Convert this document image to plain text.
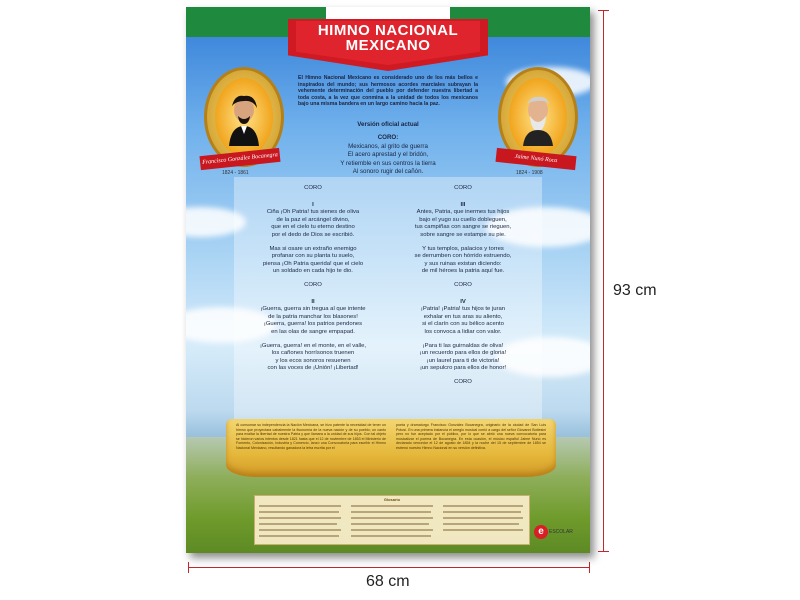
HIMNO NACIONAL
MEXICANO
Francisco González Bocanegra
1824 - 1861
Jaime Nunó Roca
1824 - 1908
El Himno Nacional Mexicano es considerado uno de los más bellos e inspirados del mundo; sus hermosos acordes marciales subrayan la vehemente determinación del pueblo por defender nuestra libertad a toda costa, a la vez que conmina a la unidad de todos los mexicanos bajo una misma bandera en un largo camino hacia la paz.
Versión oficial actual
CORO:
Mexicanos, al grito de guerra
El acero aprestad y el bridón,
Y retiemble en sus centros la tierra
Al sonoro rugir del cañón.
CORO
I

Ciña ¡Oh Patria! tus sienes de oliva
de la paz el arcángel divino,
que en el cielo tu eterno destino
por el dedo de Dios se escribió.

Mas si osare un extraño enemigo
profanar con su planta tu suelo,
piensa ¡Oh Patria querida! que el cielo
un soldado en cada hijo te dio.

CORO
II

¡Guerra, guerra sin tregua al que intente
de la patria manchar los blasones!
¡Guerra, guerra! los patrios pendones
en las olas de sangre empapad.

¡Guerra, guerra! en el monte, en el valle,
los cañones horrísonos truenen
y los ecos sonoros resuenen
con las voces de ¡Unión! ¡Libertad!

CORO
III

Antes, Patria, que inermes tus hijos
bajo el yugo su cuello dobleguen,
tus campiñas con sangre se rieguen,
sobre sangre se estampe su pie.

Y tus templos, palacios y torres
se derrumben con hórrido estruendo,
y sus ruinas existan diciendo:
de mil héroes la patria aquí fue.

CORO
IV

¡Patria! ¡Patria! tus hijos te juran
exhalar en tus aras su aliento,
si el clarín con su bélico acento
los convoca a lidiar con valor.

¡Para ti las guirnaldas de oliva!
¡un recuerdo para ellos de gloria!
¡un laurel para ti de victoria!
¡un sepulcro para ellos de honor!

CORO
Al consumar su independencia la Nación Mexicana, se hizo patente la necesidad de tener un himno que proyectara cabalmente la fisonomía de la nueva nación y de su pueblo; un canto para exaltar la libertad de nuestra Patria y que llamara a la unidad de sus hijos. Con tal objeto se hicieron varios intentos desde 1821 hasta que el 12 de noviembre de 1853 el Ministerio de Fomento, Colonización, Industria y Comercio, lanzó una Convocatoria para escribir el Himno Nacional Mexicano, resultando ganadora la letra escrita por el
poeta y dramaturgo Francisco González Bocanegra, originario de la ciudad de San Luis Potosí. En una primera instancia el arreglo musical corrió a cargo del señor Giovanni Bottesini pero no fue aceptado por el público, por lo que se abrió una nueva convocatoria para musicalizar el poema de Bocanegra. En esta ocasión, el músico español Jaime Nunó es declarado vencedor el 12 de agosto de 1854 y la noche del 15 de septiembre de 1854 se estrenó nuestro Himno Nacional en su versión definitiva.
Glosario
e	ESCOLAR
93 cm
68 cm
